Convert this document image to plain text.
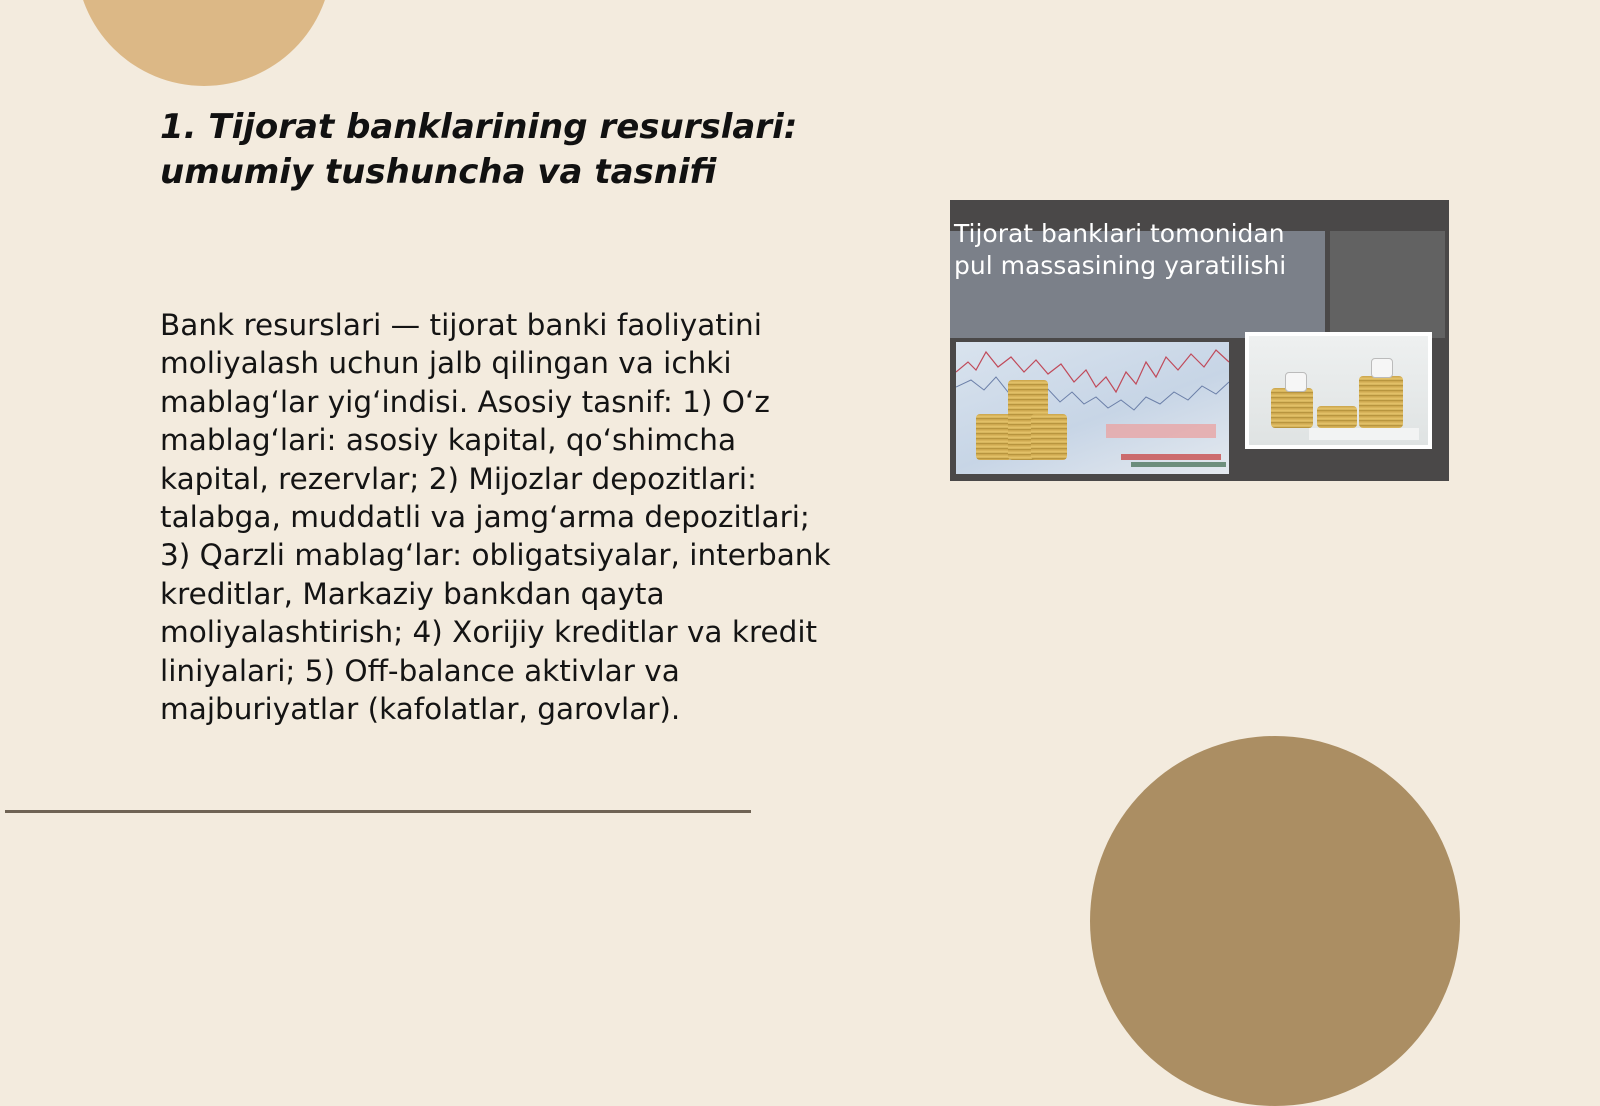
1. Tijorat banklarining resurslari: umumiy tushuncha va tasnifi
Bank resurslari — tijorat banki faoliyatini moliyalash uchun jalb qilingan va ichki mablag‘lar yig‘indisi. Asosiy tasnif: 1) O‘z mablag‘lari: asosiy kapital, qo‘shimcha kapital, rezervlar; 2) Mijozlar depozitlari: talabga, muddatli va jamg‘arma depozitlari; 3) Qarzli mablag‘lar: obligatsiyalar, interbank kreditlar, Markaziy bankdan qayta moliyalashtirish; 4) Xorijiy kreditlar va kredit liniyalari; 5) Off-balance aktivlar va majburiyatlar (kafolatlar, garovlar).
Tijorat banklari tomonidan pul massasining yaratilishi
